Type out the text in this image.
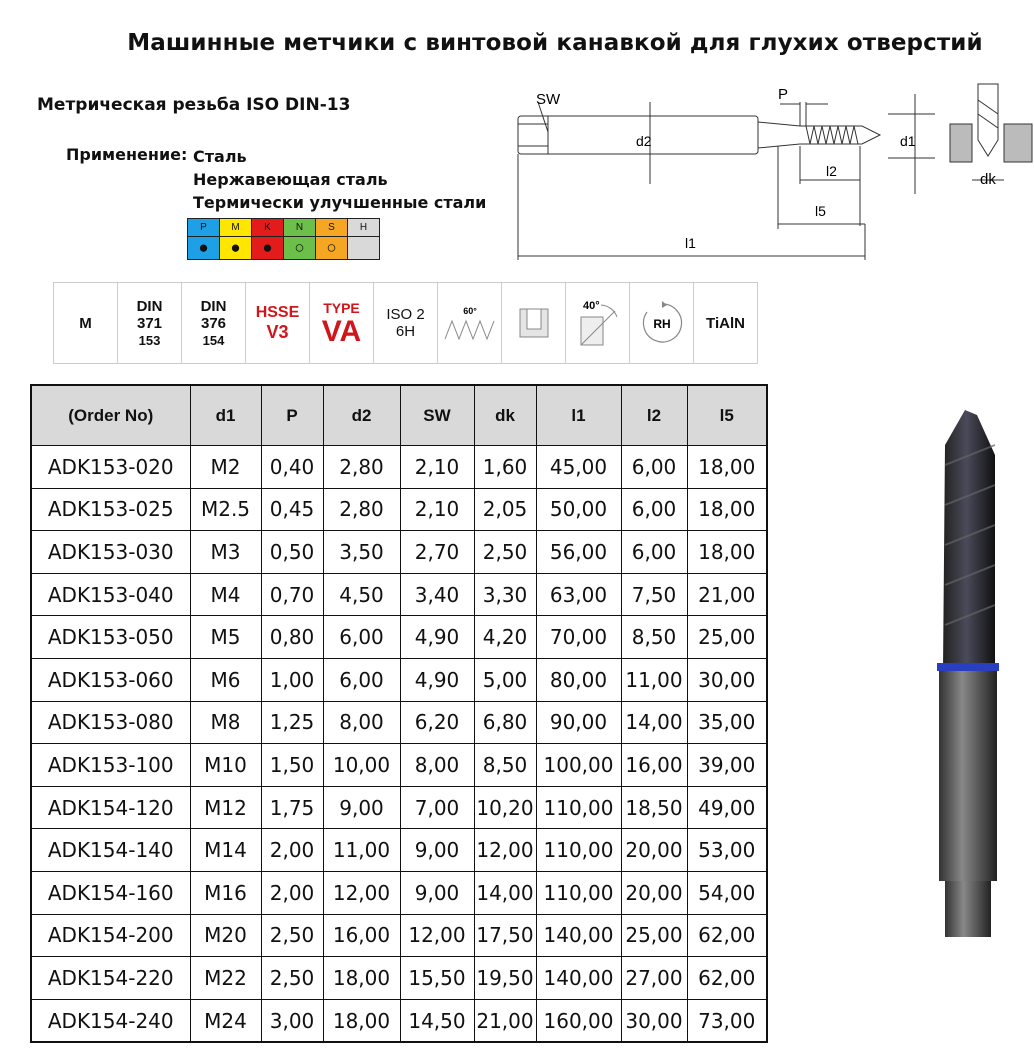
Машинные метчики с винтовой канавкой для глухих отверстий
Метрическая резьба ISO DIN-13
Применение: Сталь
Нержавеющая сталь
Термически улучшенные стали
P	M	K	N	S	H
●	●	●	○	○	
M
DIN
371
153
DIN
376
154
HSSE
V3
TYPE
VA ISO 2
6H
60°	40°
RH TiAlN
SW	P
d2	d1
l2
l5
l1
dk
(Order No)	d1	P	d2	SW	dk	l1	l2	l5
ADK153-020	M2	0,40	2,80	2,10	1,60	45,00	6,00	18,00
ADK153-025	M2.5	0,45	2,80	2,10	2,05	50,00	6,00	18,00
ADK153-030	M3	0,50	3,50	2,70	2,50	56,00	6,00	18,00
ADK153-040	M4	0,70	4,50	3,40	3,30	63,00	7,50	21,00
ADK153-050	M5	0,80	6,00	4,90	4,20	70,00	8,50	25,00
ADK153-060	M6	1,00	6,00	4,90	5,00	80,00	11,00	30,00
ADK153-080	M8	1,25	8,00	6,20	6,80	90,00	14,00	35,00
ADK153-100	M10	1,50	10,00	8,00	8,50	100,00	16,00	39,00
ADK154-120	M12	1,75	9,00	7,00	10,20	110,00	18,50	49,00
ADK154-140	M14	2,00	11,00	9,00	12,00	110,00	20,00	53,00
ADK154-160	M16	2,00	12,00	9,00	14,00	110,00	20,00	54,00
ADK154-200	M20	2,50	16,00	12,00	17,50	140,00	25,00	62,00
ADK154-220	M22	2,50	18,00	15,50	19,50	140,00	27,00	62,00
ADK154-240	M24	3,00	18,00	14,50	21,00	160,00	30,00	73,00
